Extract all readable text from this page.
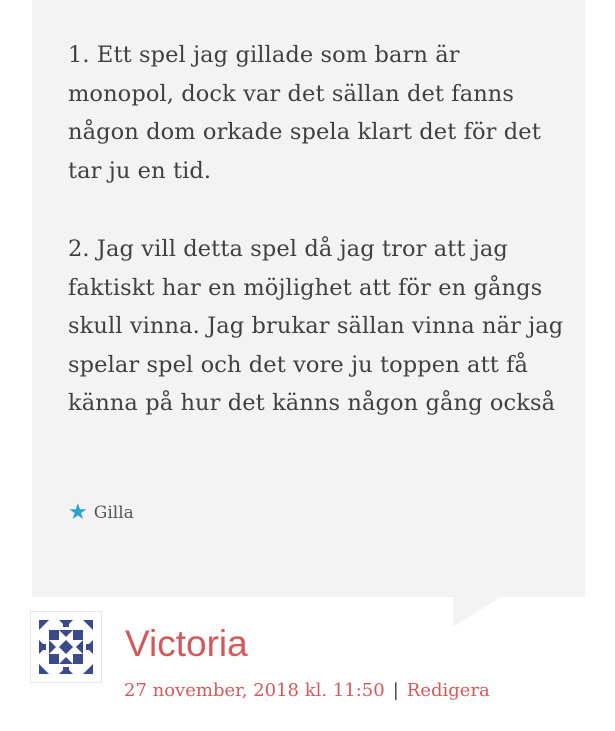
1. Ett spel jag gillade som barn är monopol, dock var det sällan det fanns någon dom orkade spela klart det för det tar ju en tid.

2. Jag vill detta spel då jag tror att jag faktiskt har en möjlighet att för en gångs skull vinna. Jag brukar sällan vinna när jag spelar spel och det vore ju toppen att få känna på hur det känns någon gång också

★ Gilla
Victoria
27 november, 2018 kl. 11:50 | Redigera
